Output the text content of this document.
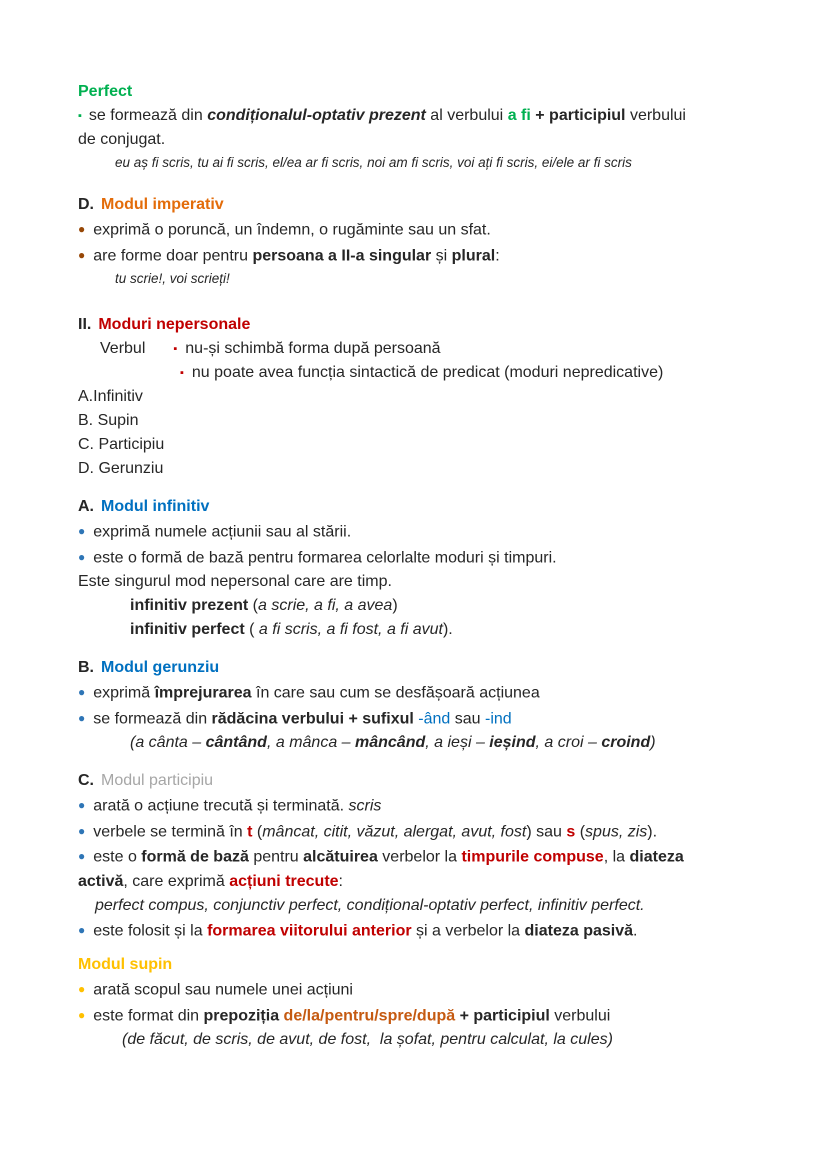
Perfect
▪ se formează din condiționalul-optativ prezent al verbului a fi + participiul verbului
de conjugat.
eu aș fi scris, tu ai fi scris, el/ea ar fi scris, noi am fi scris, voi ați fi scris, ei/ele ar fi scris
D. Modul imperativ
● exprimă o poruncă, un îndemn, o rugăminte sau un sfat.
● are forme doar pentru persoana a II-a singular și plural:
tu scrie!, voi scrieți!
II. Moduri nepersonale
Verbul	▪ nu-și schimbă forma după persoană
▪ nu poate avea funcția sintactică de predicat (moduri nepredicative)
A.Infinitiv
B. Supin
C. Participiu
D. Gerunziu
A. Modul infinitiv
● exprimă numele acțiunii sau al stării.
● este o formă de bază pentru formarea celorlalte moduri și timpuri.
Este singurul mod nepersonal care are timp.
infinitiv prezent (a scrie, a fi, a avea)
infinitiv perfect ( a fi scris, a fi fost, a fi avut).
B. Modul gerunziu
● exprimă împrejurarea în care sau cum se desfășoară acțiunea
● se formează din rădăcina verbului + sufixul -ând sau -ind
(a cânta – cântând, a mânca – mâncând, a ieși – ieșind, a croi – croind)
C. Modul participiu
● arată o acțiune trecută și terminată. scris
● verbele se termină în t (mâncat, citit, văzut, alergat, avut, fost) sau s (spus, zis).
● este o formă de bază pentru alcătuirea verbelor la timpurile compuse, la diateza
activă, care exprimă acțiuni trecute:
perfect compus, conjunctiv perfect, condițional-optativ perfect, infinitiv perfect.
● este folosit și la formarea viitorului anterior și a verbelor la diateza pasivă.
Modul supin
● arată scopul sau numele unei acțiuni
● este format din prepoziția de/la/pentru/spre/după + participiul verbului
(de făcut, de scris, de avut, de fost,  la șofat, pentru calculat, la cules)
